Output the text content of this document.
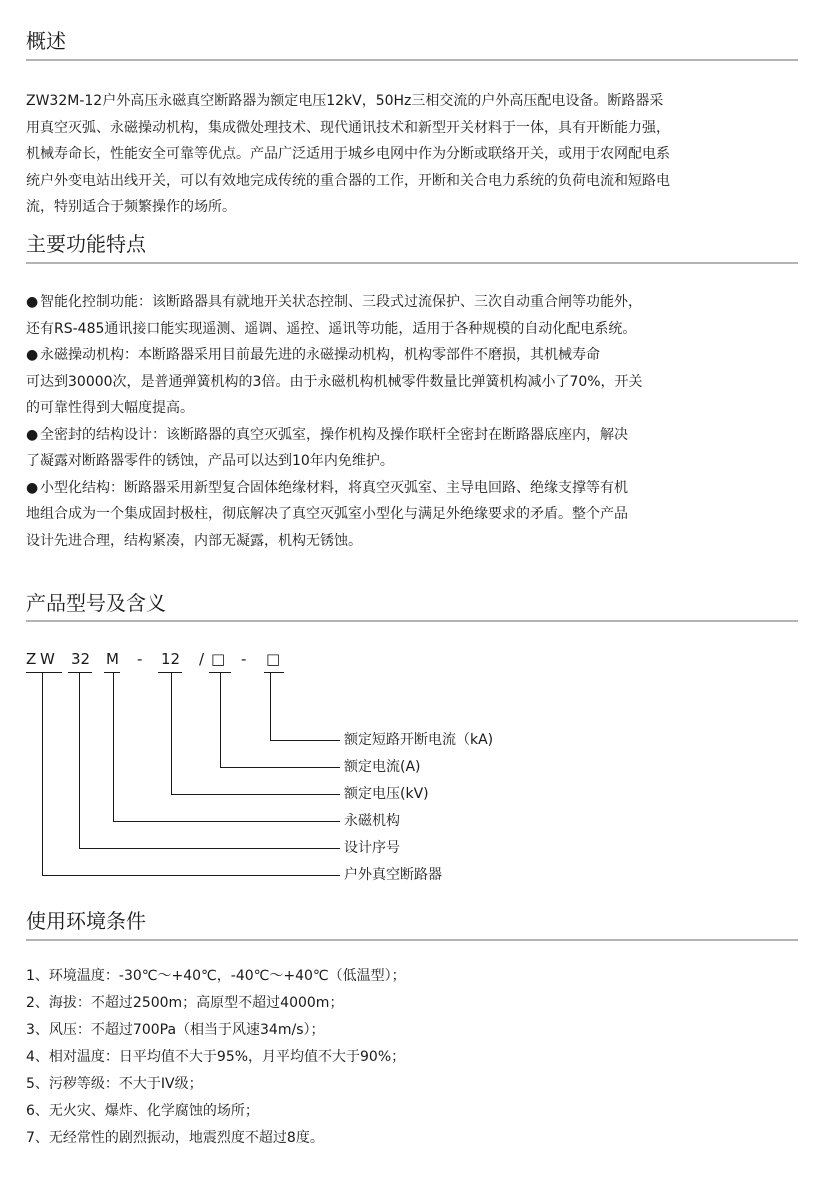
概述
ZW32M-12户外高压永磁真空断路器为额定电压12kV，50Hz三相交流的户外高压配电设备。断路器采
用真空灭弧、永磁操动机构，集成微处理技术、现代通讯技术和新型开关材料于一体，具有开断能力强，
机械寿命长，性能安全可靠等优点。产品广泛适用于城乡电网中作为分断或联络开关，或用于农网配电系
统户外变电站出线开关，可以有效地完成传统的重合器的工作，开断和关合电力系统的负荷电流和短路电
流，特别适合于频繁操作的场所。
主要功能特点
● 智能化控制功能：该断路器具有就地开关状态控制、三段式过流保护、三次自动重合闸等功能外，
还有RS-485通讯接口能实现遥测、遥调、遥控、遥讯等功能，适用于各种规模的自动化配电系统。
● 永磁操动机构：本断路器采用目前最先进的永磁操动机构，机构零部件不磨损，其机械寿命
可达到30000次，是普通弹簧机构的3倍。由于永磁机构机械零件数量比弹簧机构减小了70%，开关
的可靠性得到大幅度提高。
● 全密封的结构设计：该断路器的真空灭弧室，操作机构及操作联杆全密封在断路器底座内，解决
了凝露对断路器零件的锈蚀，产品可以达到10年内免维护。
● 小型化结构：断路器采用新型复合固体绝缘材料，将真空灭弧室、主导电回路、绝缘支撑等有机
地组合成为一个集成固封极柱，彻底解决了真空灭弧室小型化与满足外绝缘要求的矛盾。整个产品
设计先进合理，结构紧凑，内部无凝露，机构无锈蚀。
产品型号及含义
Z W 32 M - 12 / □ - □
额定短路开断电流（kA)
额定电流(A)
额定电压(kV)
永磁机构
设计序号
户外真空断路器
使用环境条件
1、环境温度：-30℃～+40℃，-40℃～+40℃（低温型）；
2、海拔：不超过2500m；高原型不超过4000m；
3、风压：不超过700Pa（相当于风速34m/s）；
4、相对温度：日平均值不大于95%，月平均值不大于90%；
5、污秽等级：不大于IV级；
6、无火灾、爆炸、化学腐蚀的场所；
7、无经常性的剧烈振动，地震烈度不超过8度。
